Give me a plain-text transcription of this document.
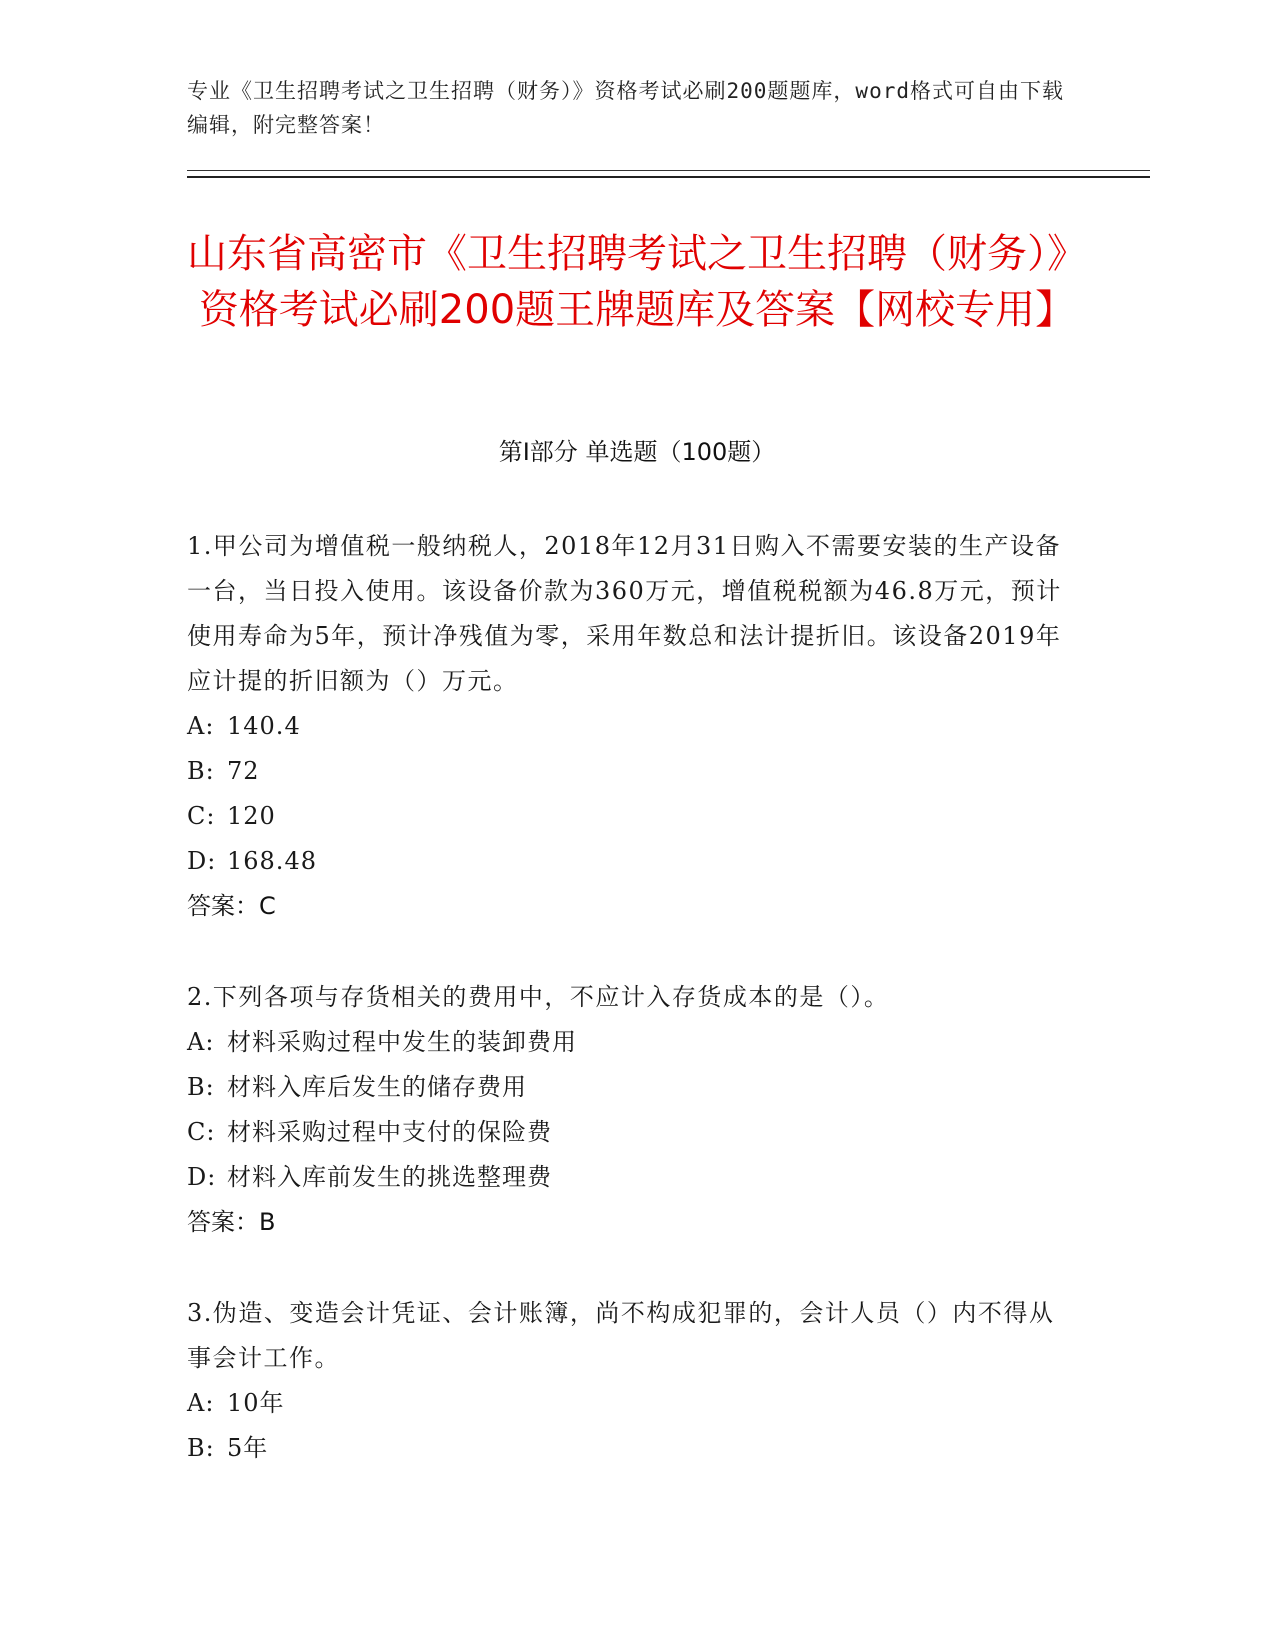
专业《卫生招聘考试之卫生招聘（财务）》资格考试必刷200题题库，word格式可自由下载编辑，附完整答案！
山东省高密市《卫生招聘考试之卫生招聘（财务）》资格考试必刷200题王牌题库及答案【网校专用】
第Ⅰ部分 单选题（100题）
1.甲公司为增值税一般纳税人，2018年12月31日购入不需要安装的生产设备一台，当日投入使用。该设备价款为360万元，增值税税额为46.8万元，预计使用寿命为5年，预计净残值为零，采用年数总和法计提折旧。该设备2019年应计提的折旧额为（）万元。
A: 140.4
B: 72
C: 120
D: 168.48
答案：C
2.下列各项与存货相关的费用中，不应计入存货成本的是（）。
A: 材料采购过程中发生的装卸费用
B: 材料入库后发生的储存费用
C: 材料采购过程中支付的保险费
D: 材料入库前发生的挑选整理费
答案：B
3.伪造、变造会计凭证、会计账簿，尚不构成犯罪的，会计人员（）内不得从事会计工作。
A: 10年
B: 5年
